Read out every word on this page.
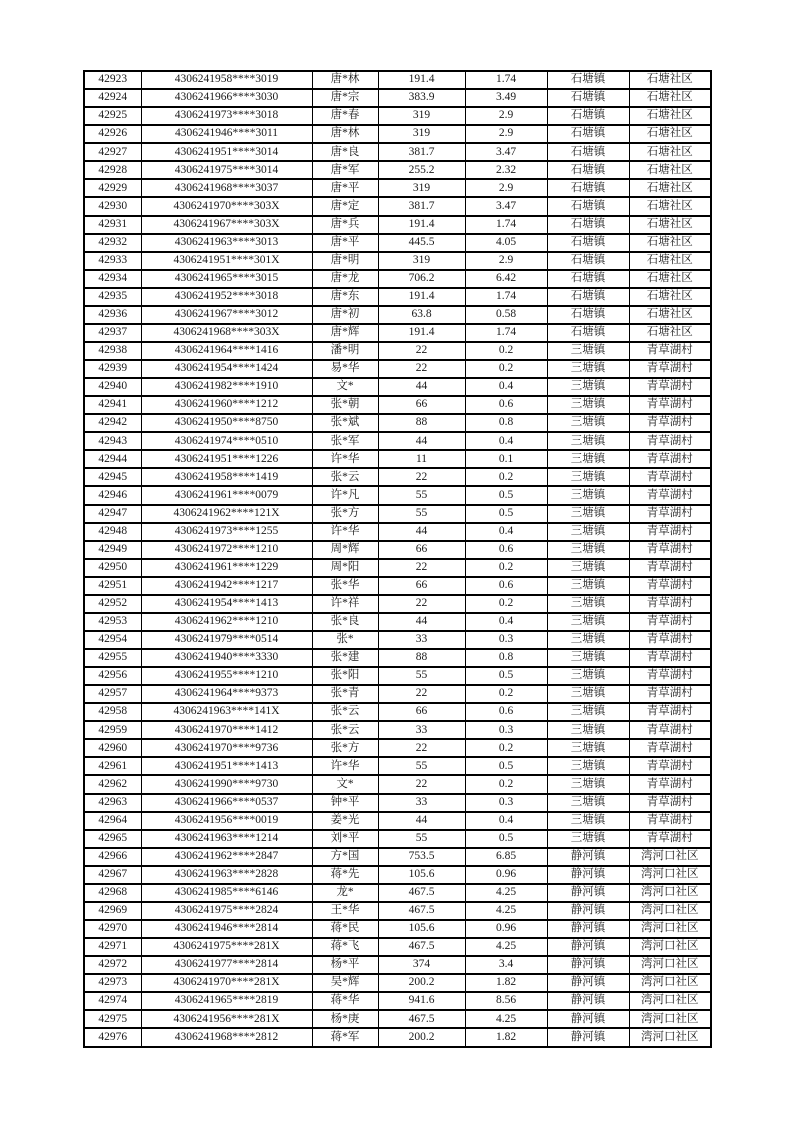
42923	4306241958****3019	唐*林	191.4	1.74	石塘镇	石塘社区
42924	4306241966****3030	唐*宗	383.9	3.49	石塘镇	石塘社区
42925	4306241973****3018	唐*春	319	2.9	石塘镇	石塘社区
42926	4306241946****3011	唐*林	319	2.9	石塘镇	石塘社区
42927	4306241951****3014	唐*良	381.7	3.47	石塘镇	石塘社区
42928	4306241975****3014	唐*军	255.2	2.32	石塘镇	石塘社区
42929	4306241968****3037	唐*平	319	2.9	石塘镇	石塘社区
42930	4306241970****303X	唐*定	381.7	3.47	石塘镇	石塘社区
42931	4306241967****303X	唐*兵	191.4	1.74	石塘镇	石塘社区
42932	4306241963****3013	唐*平	445.5	4.05	石塘镇	石塘社区
42933	4306241951****301X	唐*明	319	2.9	石塘镇	石塘社区
42934	4306241965****3015	唐*龙	706.2	6.42	石塘镇	石塘社区
42935	4306241952****3018	唐*东	191.4	1.74	石塘镇	石塘社区
42936	4306241967****3012	唐*初	63.8	0.58	石塘镇	石塘社区
42937	4306241968****303X	唐*辉	191.4	1.74	石塘镇	石塘社区
42938	4306241964****1416	潘*明	22	0.2	三塘镇	青草湖村
42939	4306241954****1424	易*华	22	0.2	三塘镇	青草湖村
42940	4306241982****1910	文*	44	0.4	三塘镇	青草湖村
42941	4306241960****1212	张*朝	66	0.6	三塘镇	青草湖村
42942	4306241950****8750	张*斌	88	0.8	三塘镇	青草湖村
42943	4306241974****0510	张*军	44	0.4	三塘镇	青草湖村
42944	4306241951****1226	许*华	11	0.1	三塘镇	青草湖村
42945	4306241958****1419	张*云	22	0.2	三塘镇	青草湖村
42946	4306241961****0079	许*凡	55	0.5	三塘镇	青草湖村
42947	4306241962****121X	张*方	55	0.5	三塘镇	青草湖村
42948	4306241973****1255	许*华	44	0.4	三塘镇	青草湖村
42949	4306241972****1210	周*辉	66	0.6	三塘镇	青草湖村
42950	4306241961****1229	周*阳	22	0.2	三塘镇	青草湖村
42951	4306241942****1217	张*华	66	0.6	三塘镇	青草湖村
42952	4306241954****1413	许*祥	22	0.2	三塘镇	青草湖村
42953	4306241962****1210	张*良	44	0.4	三塘镇	青草湖村
42954	4306241979****0514	张*	33	0.3	三塘镇	青草湖村
42955	4306241940****3330	张*建	88	0.8	三塘镇	青草湖村
42956	4306241955****1210	张*阳	55	0.5	三塘镇	青草湖村
42957	4306241964****9373	张*青	22	0.2	三塘镇	青草湖村
42958	4306241963****141X	张*云	66	0.6	三塘镇	青草湖村
42959	4306241970****1412	张*云	33	0.3	三塘镇	青草湖村
42960	4306241970****9736	张*方	22	0.2	三塘镇	青草湖村
42961	4306241951****1413	许*华	55	0.5	三塘镇	青草湖村
42962	4306241990****9730	文*	22	0.2	三塘镇	青草湖村
42963	4306241966****0537	钟*平	33	0.3	三塘镇	青草湖村
42964	4306241956****0019	姜*光	44	0.4	三塘镇	青草湖村
42965	4306241963****1214	刘*平	55	0.5	三塘镇	青草湖村
42966	4306241962****2847	方*国	753.5	6.85	静河镇	湾河口社区
42967	4306241963****2828	蒋*先	105.6	0.96	静河镇	湾河口社区
42968	4306241985****6146	龙*	467.5	4.25	静河镇	湾河口社区
42969	4306241975****2824	王*华	467.5	4.25	静河镇	湾河口社区
42970	4306241946****2814	蒋*民	105.6	0.96	静河镇	湾河口社区
42971	4306241975****281X	蒋*飞	467.5	4.25	静河镇	湾河口社区
42972	4306241977****2814	杨*平	374	3.4	静河镇	湾河口社区
42973	4306241970****281X	吴*辉	200.2	1.82	静河镇	湾河口社区
42974	4306241965****2819	蒋*华	941.6	8.56	静河镇	湾河口社区
42975	4306241956****281X	杨*庚	467.5	4.25	静河镇	湾河口社区
42976	4306241968****2812	蒋*军	200.2	1.82	静河镇	湾河口社区
